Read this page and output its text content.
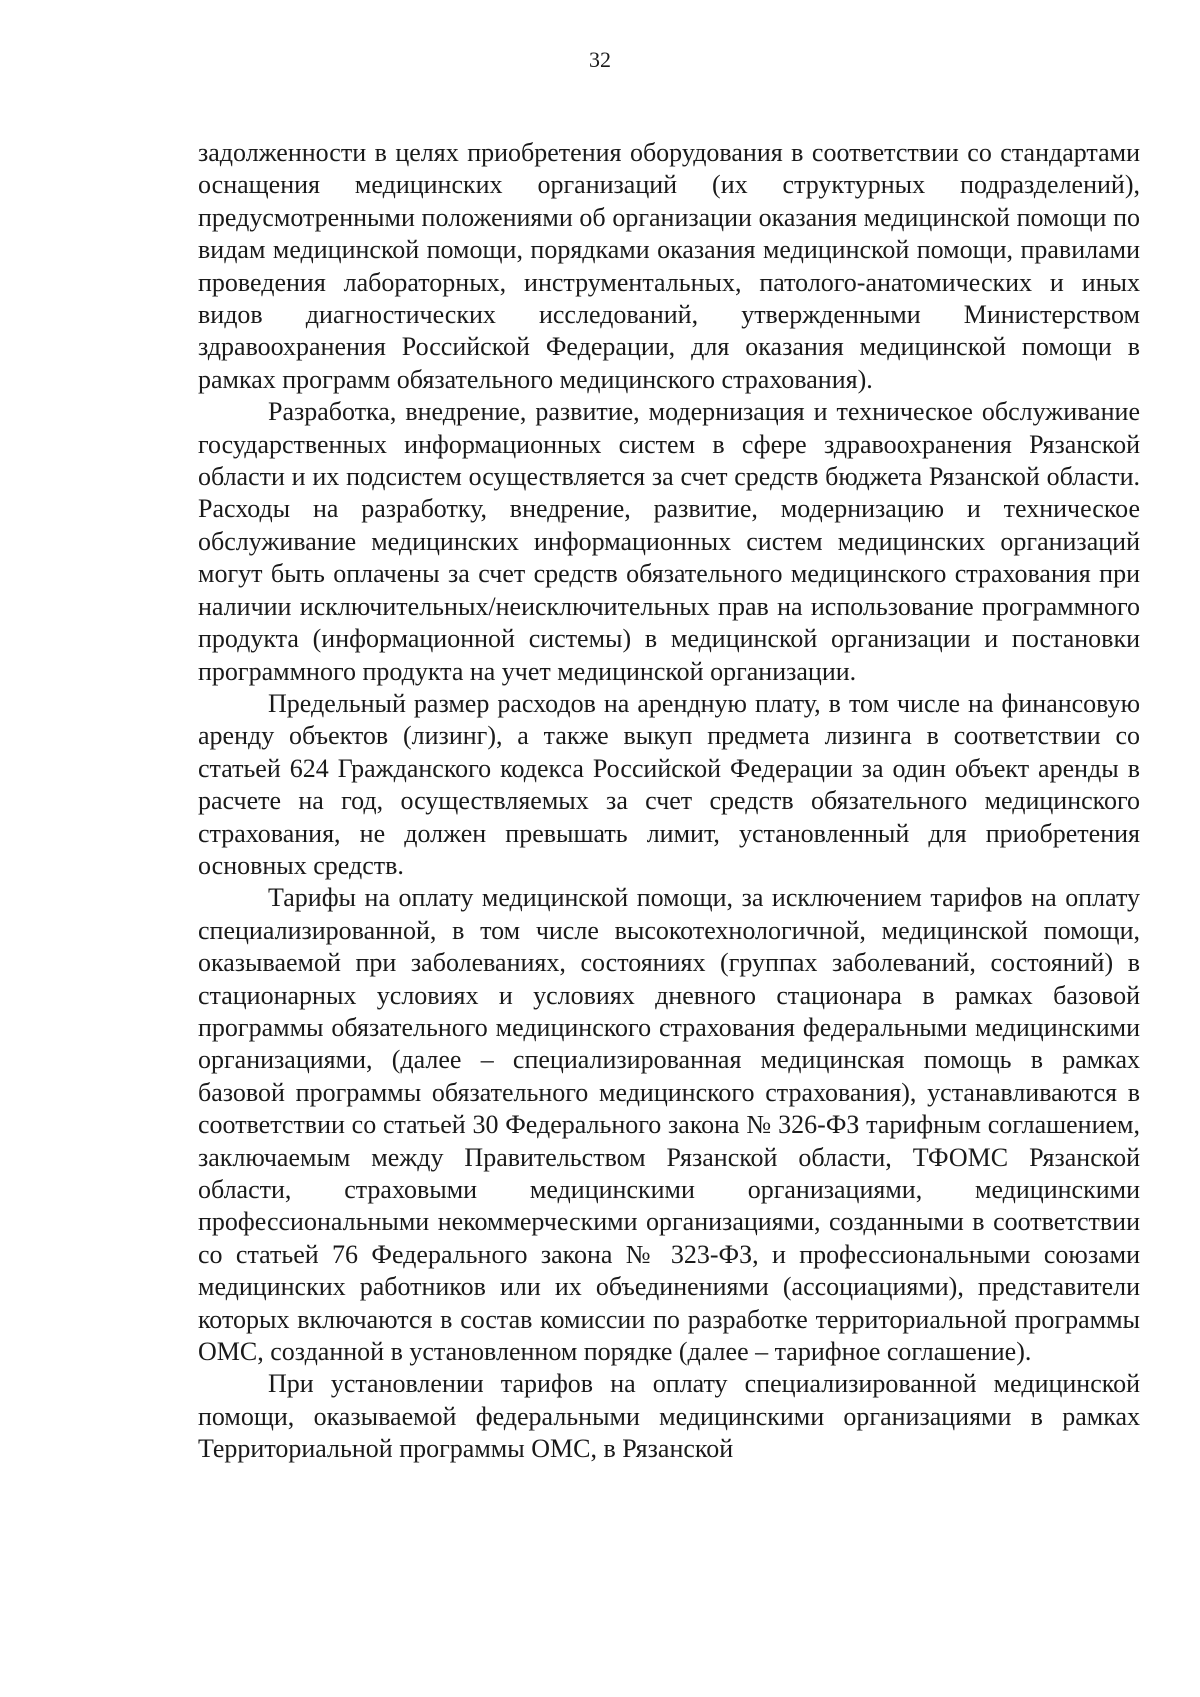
32

задолженности в целях приобретения оборудования в соответствии со стандартами оснащения медицинских организаций (их структурных подразделений), предусмотренными положениями об организации оказания медицинской помощи по видам медицинской помощи, порядками оказания медицинской помощи, правилами проведения лабораторных, инструментальных, патолого-анатомических и иных видов диагностических исследований, утвержденными Министерством здравоохранения Российской Федерации, для оказания медицинской помощи в рамках программ обязательного медицинского страхования).

Разработка, внедрение, развитие, модернизация и техническое обслуживание государственных информационных систем в сфере здравоохранения Рязанской области и их подсистем осуществляется за счет средств бюджета Рязанской области. Расходы на разработку, внедрение, развитие, модернизацию и техническое обслуживание медицинских информационных систем медицинских организаций могут быть оплачены за счет средств обязательного медицинского страхования при наличии исключительных/неисключительных прав на использование программного продукта (информационной системы) в медицинской организации и постановки программного продукта на учет медицинской организации.

Предельный размер расходов на арендную плату, в том числе на финансовую аренду объектов (лизинг), а также выкуп предмета лизинга в соответствии со статьей 624 Гражданского кодекса Российской Федерации за один объект аренды в расчете на год, осуществляемых за счет средств обязательного медицинского страхования, не должен превышать лимит, установленный для приобретения основных средств.

Тарифы на оплату медицинской помощи, за исключением тарифов на оплату специализированной, в том числе высокотехнологичной, медицинской помощи, оказываемой при заболеваниях, состояниях (группах заболеваний, состояний) в стационарных условиях и условиях дневного стационара в рамках базовой программы обязательного медицинского страхования федеральными медицинскими организациями, (далее – специализированная медицинская помощь в рамках базовой программы обязательного медицинского страхования), устанавливаются в соответствии со статьей 30 Федерального закона № 326-ФЗ тарифным соглашением, заключаемым между Правительством Рязанской области, ТФОМС Рязанской области, страховыми медицинскими организациями, медицинскими профессиональными некоммерческими организациями, созданными в соответствии со статьей 76 Федерального закона № 323-ФЗ, и профессиональными союзами медицинских работников или их объединениями (ассоциациями), представители которых включаются в состав комиссии по разработке территориальной программы ОМС, созданной в установленном порядке (далее – тарифное соглашение).

При установлении тарифов на оплату специализированной медицинской помощи, оказываемой федеральными медицинскими организациями в рамках Территориальной программы ОМС, в Рязанской
